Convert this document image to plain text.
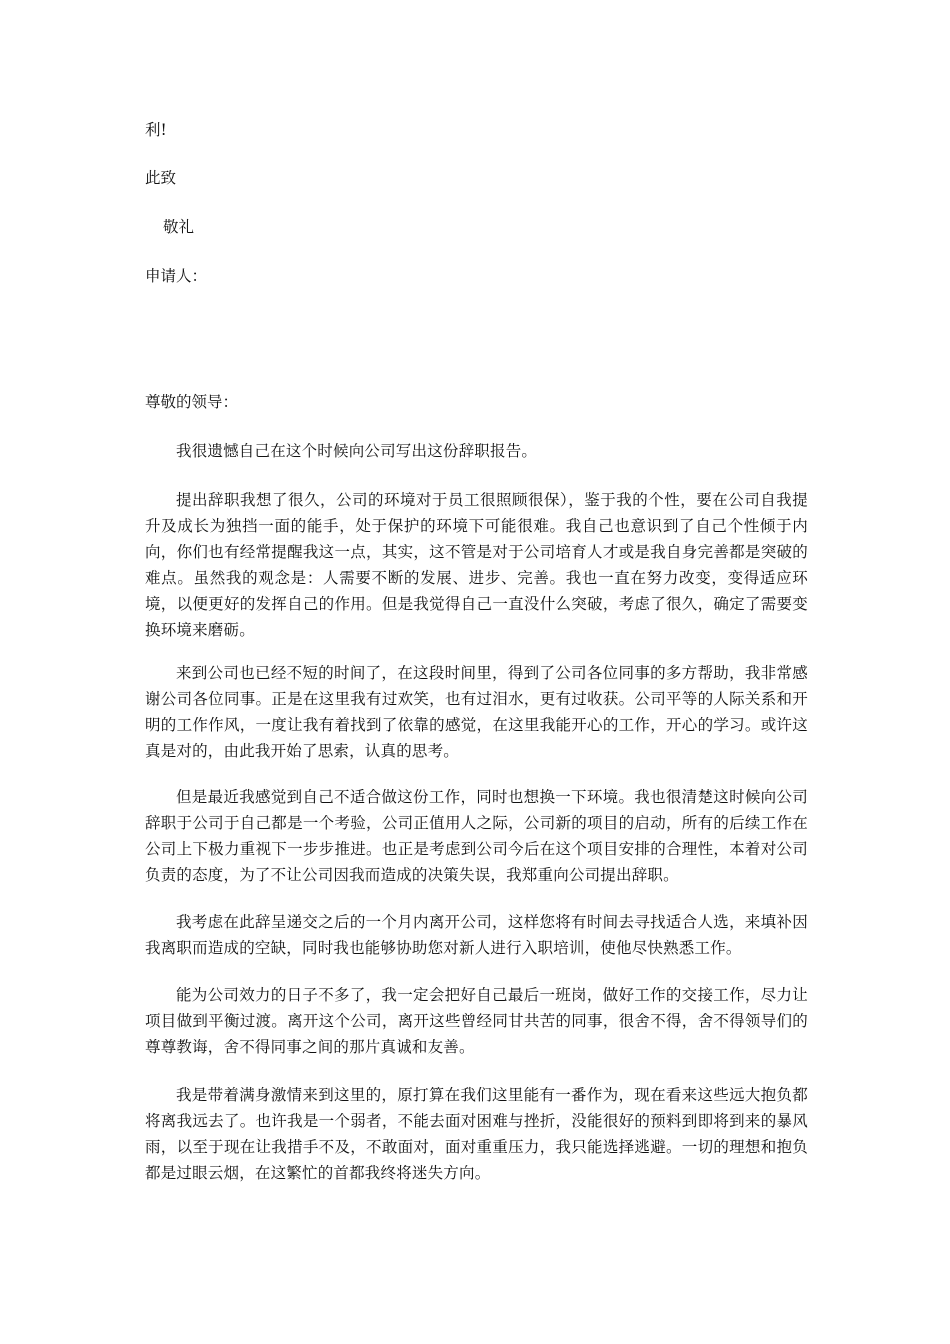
利!
此致
敬礼
申请人：
尊敬的领导：
我很遗憾自己在这个时候向公司写出这份辞职报告。
提出辞职我想了很久，公司的环境对于员工很照顾很保），鉴于我的个性，要在公司自我提升及成长为独挡一面的能手，处于保护的环境下可能很难。我自己也意识到了自己个性倾于内向，你们也有经常提醒我这一点，其实，这不管是对于公司培育人才或是我自身完善都是突破的难点。虽然我的观念是：人需要不断的发展、进步、完善。我也一直在努力改变，变得适应环境，以便更好的发挥自己的作用。但是我觉得自己一直没什么突破，考虑了很久，确定了需要变换环境来磨砺。
来到公司也已经不短的时间了，在这段时间里，得到了公司各位同事的多方帮助，我非常感谢公司各位同事。正是在这里我有过欢笑，也有过泪水，更有过收获。公司平等的人际关系和开明的工作作风，一度让我有着找到了依靠的感觉，在这里我能开心的工作，开心的学习。或许这真是对的，由此我开始了思索，认真的思考。
但是最近我感觉到自己不适合做这份工作，同时也想换一下环境。我也很清楚这时候向公司辞职于公司于自己都是一个考验，公司正值用人之际，公司新的项目的启动，所有的后续工作在公司上下极力重视下一步步推进。也正是考虑到公司今后在这个项目安排的合理性，本着对公司负责的态度，为了不让公司因我而造成的决策失误，我郑重向公司提出辞职。
我考虑在此辞呈递交之后的一个月内离开公司，这样您将有时间去寻找适合人选，来填补因我离职而造成的空缺，同时我也能够协助您对新人进行入职培训，使他尽快熟悉工作。
能为公司效力的日子不多了，我一定会把好自己最后一班岗，做好工作的交接工作，尽力让项目做到平衡过渡。离开这个公司，离开这些曾经同甘共苦的同事，很舍不得，舍不得领导们的尊尊教诲，舍不得同事之间的那片真诚和友善。
我是带着满身激情来到这里的，原打算在我们这里能有一番作为，现在看来这些远大抱负都将离我远去了。也许我是一个弱者，不能去面对困难与挫折，没能很好的预料到即将到来的暴风雨，以至于现在让我措手不及，不敢面对，面对重重压力，我只能选择逃避。一切的理想和抱负都是过眼云烟，在这繁忙的首都我终将迷失方向。
